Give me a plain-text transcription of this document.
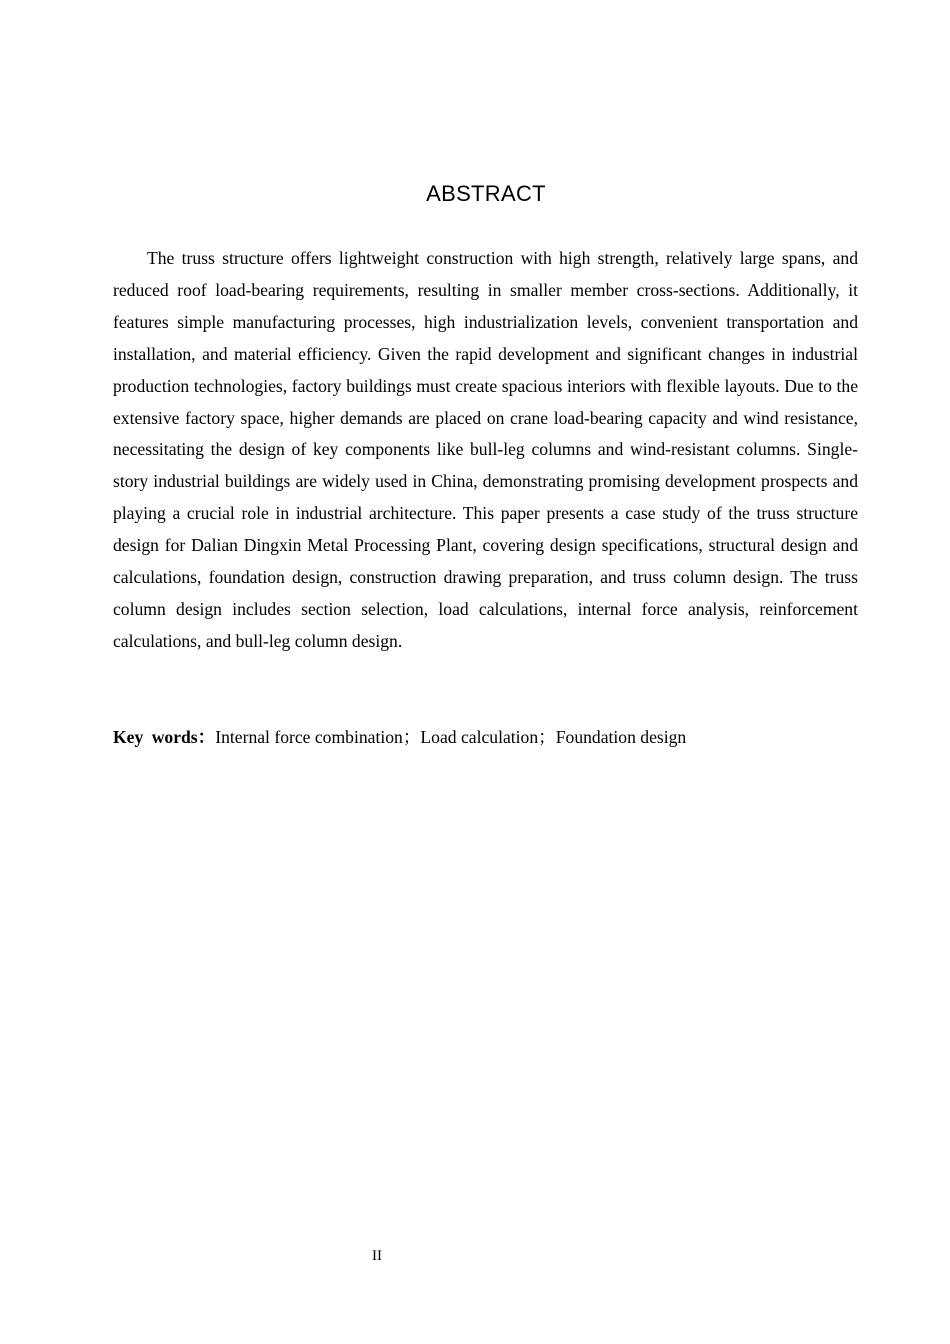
ABSTRACT

The truss structure offers lightweight construction with high strength, relatively large spans, and reduced roof load-bearing requirements, resulting in smaller member cross-sections. Additionally, it features simple manufacturing processes, high industrialization levels, convenient transportation and installation, and material efficiency. Given the rapid development and significant changes in industrial production technologies, factory buildings must create spacious interiors with flexible layouts. Due to the extensive factory space, higher demands are placed on crane load-bearing capacity and wind resistance, necessitating the design of key components like bull-leg columns and wind-resistant columns. Single-story industrial buildings are widely used in China, demonstrating promising development prospects and playing a crucial role in industrial architecture. This paper presents a case study of the truss structure design for Dalian Dingxin Metal Processing Plant, covering design specifications, structural design and calculations, foundation design, construction drawing preparation, and truss column design. The truss column design includes section selection, load calculations, internal force analysis, reinforcement calculations, and bull-leg column design.

Key words：Internal force combination；Load calculation；Foundation design

II
